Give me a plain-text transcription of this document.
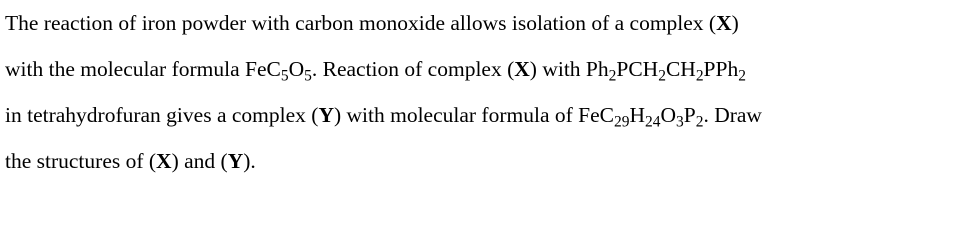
The reaction of iron powder with carbon monoxide allows isolation of a complex (X)
with the molecular formula $FeC_5O_5$. Reaction of complex (X) with $Ph_2PCH_2CH_2PPh_2$
in tetrahydrofuran gives a complex (Y) with molecular formula of $FeC_{29}H_{24}O_3P_2$. Draw
the structures of (X) and (Y).
